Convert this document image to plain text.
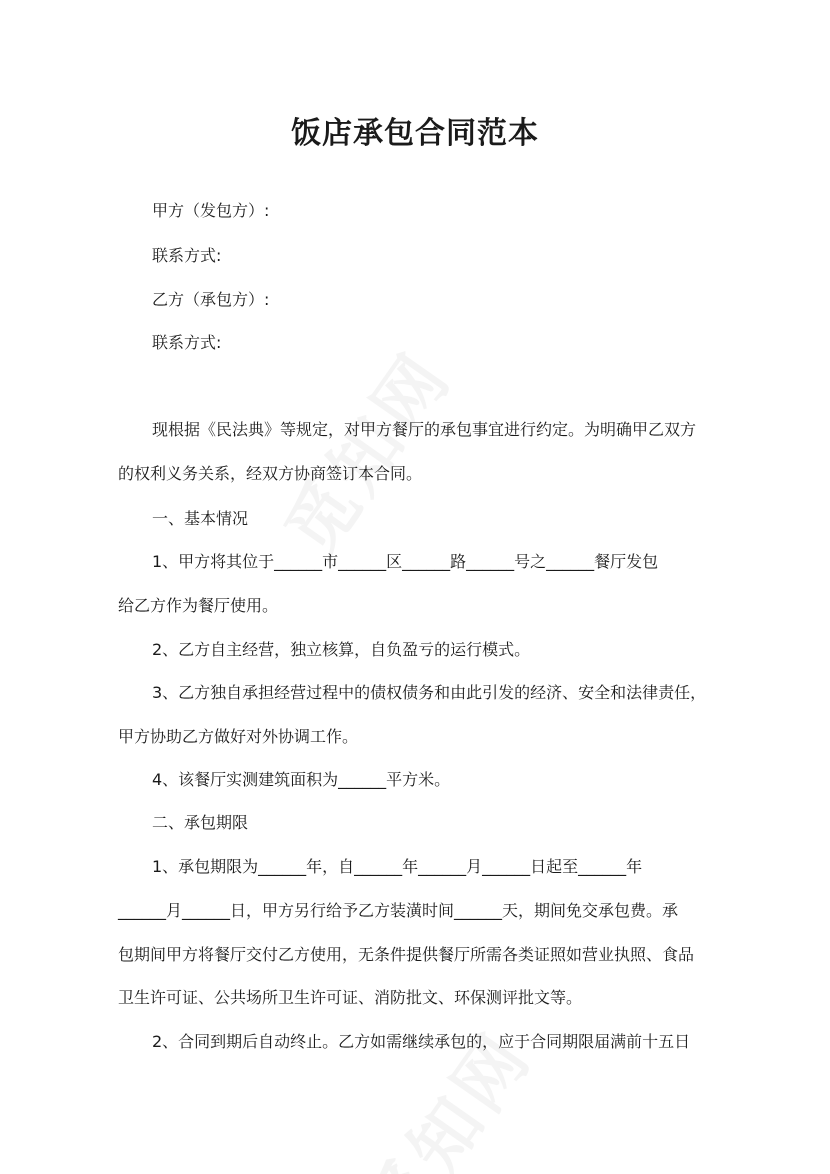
饭店承包合同范本

甲方（发包方）:

联系方式:

乙方（承包方）:

联系方式:

现根据《民法典》等规定，对甲方餐厅的承包事宜进行约定。为明确甲乙双方

的权利义务关系，经双方协商签订本合同。

一、基本情况

1、甲方将其位于______市______区______路______号之______餐厅发包

给乙方作为餐厅使用。

2、乙方自主经营，独立核算，自负盈亏的运行模式。

3、乙方独自承担经营过程中的债权债务和由此引发的经济、安全和法律责任，

甲方协助乙方做好对外协调工作。

4、该餐厅实测建筑面积为______平方米。

二、承包期限

1、承包期限为______年，自______年______月______日起至______年

______月______日，甲方另行给予乙方装潢时间______天，期间免交承包费。承

包期间甲方将餐厅交付乙方使用，无条件提供餐厅所需各类证照如营业执照、食品

卫生许可证、公共场所卫生许可证、消防批文、环保测评批文等。

2、合同到期后自动终止。乙方如需继续承包的，应于合同期限届满前十五日
